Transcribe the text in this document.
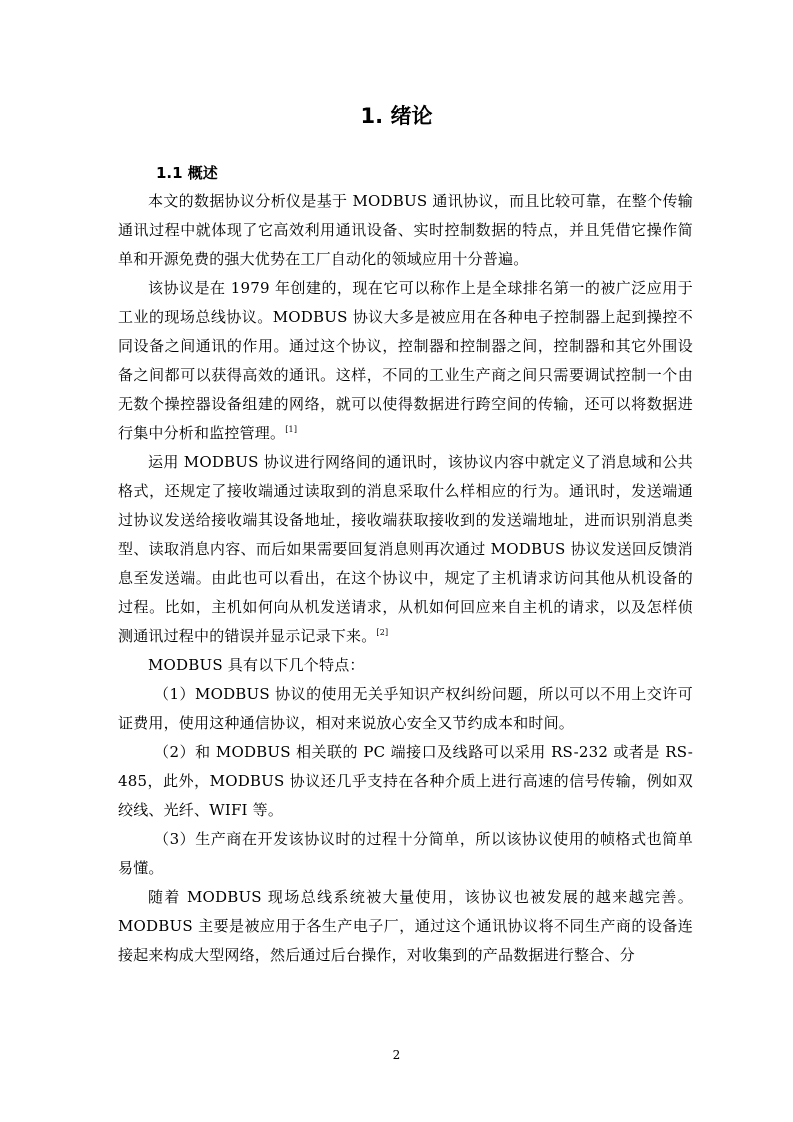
1. 绪论
1.1 概述

本文的数据协议分析仪是基于 MODBUS 通讯协议，而且比较可靠，在整个传输通讯过程中就体现了它高效利用通讯设备、实时控制数据的特点，并且凭借它操作简单和开源免费的强大优势在工厂自动化的领域应用十分普遍。

该协议是在 1979 年创建的，现在它可以称作上是全球排名第一的被广泛应用于工业的现场总线协议。MODBUS 协议大多是被应用在各种电子控制器上起到操控不同设备之间通讯的作用。通过这个协议，控制器和控制器之间，控制器和其它外围设备之间都可以获得高效的通讯。这样，不同的工业生产商之间只需要调试控制一个由无数个操控器设备组建的网络，就可以使得数据进行跨空间的传输，还可以将数据进行集中分析和监控管理。[1]

运用 MODBUS 协议进行网络间的通讯时，该协议内容中就定义了消息域和公共格式，还规定了接收端通过读取到的消息采取什么样相应的行为。通讯时，发送端通过协议发送给接收端其设备地址，接收端获取接收到的发送端地址，进而识别消息类型、读取消息内容、而后如果需要回复消息则再次通过 MODBUS 协议发送回反馈消息至发送端。由此也可以看出，在这个协议中，规定了主机请求访问其他从机设备的过程。比如，主机如何向从机发送请求，从机如何回应来自主机的请求，以及怎样侦测通讯过程中的错误并显示记录下来。[2]

MODBUS 具有以下几个特点：

（1）MODBUS 协议的使用无关乎知识产权纠纷问题，所以可以不用上交许可证费用，使用这种通信协议，相对来说放心安全又节约成本和时间。

（2）和 MODBUS 相关联的 PC 端接口及线路可以采用 RS-232 或者是 RS-485，此外，MODBUS 协议还几乎支持在各种介质上进行高速的信号传输，例如双绞线、光纤、WIFI 等。

（3）生产商在开发该协议时的过程十分简单，所以该协议使用的帧格式也简单易懂。

随着 MODBUS 现场总线系统被大量使用，该协议也被发展的越来越完善。MODBUS 主要是被应用于各生产电子厂，通过这个通讯协议将不同生产商的设备连接起来构成大型网络，然后通过后台操作，对收集到的产品数据进行整合、分

2
